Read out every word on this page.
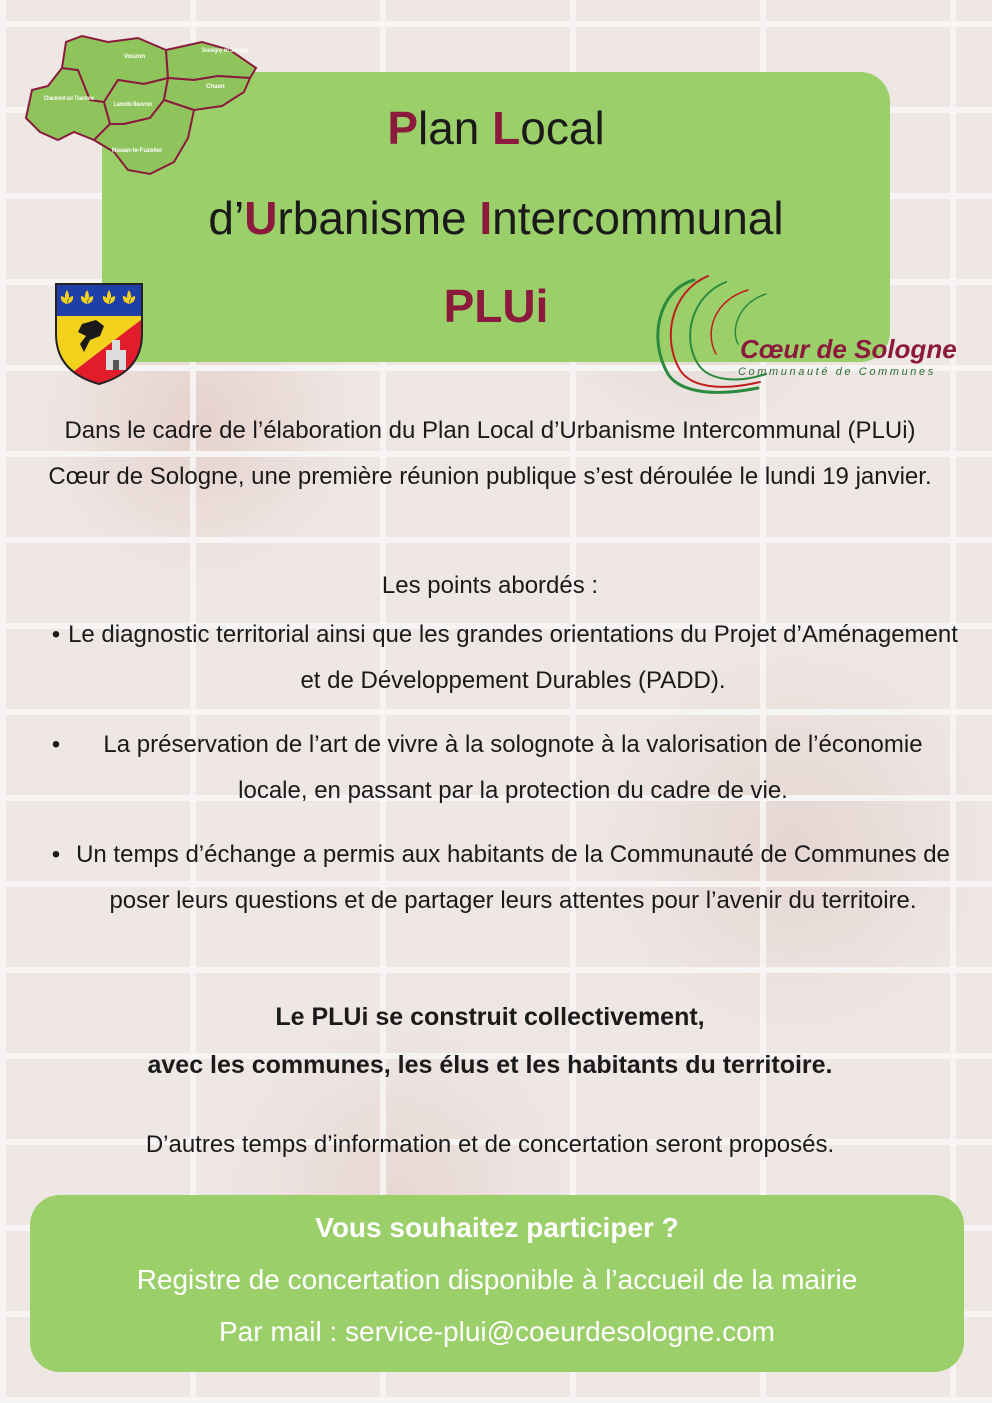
Plan Local
d’Urbanisme Intercommunal
PLUi
Vouzon
Souvigny en Sologne
Chaumont sur Tharonne
Lamotte Beuvron
Chaon
Nouan-le-Fuzelier
Cœur de Sologne
Communauté de Communes
Dans le cadre de l’élaboration du Plan Local d’Urbanisme Intercommunal (PLUi) Cœur de Sologne, une première réunion publique s’est déroulée le lundi 19 janvier.
Les points abordés :
• Le diagnostic territorial ainsi que les grandes orientations du Projet d’Aménagement et de Développement Durables (PADD).
•	La préservation de l’art de vivre à la solognote à la valorisation de l’économie locale, en passant par la protection du cadre de vie.
• Un temps d’échange a permis aux habitants de la Communauté de Communes de poser leurs questions et de partager leurs attentes pour l’avenir du territoire.
Le PLUi se construit collectivement,
avec les communes, les élus et les habitants du territoire.
D’autres temps d’information et de concertation seront proposés.
Vous souhaitez participer ?
Registre de concertation disponible à l’accueil de la mairie
Par mail : service-plui@coeurdesologne.com
